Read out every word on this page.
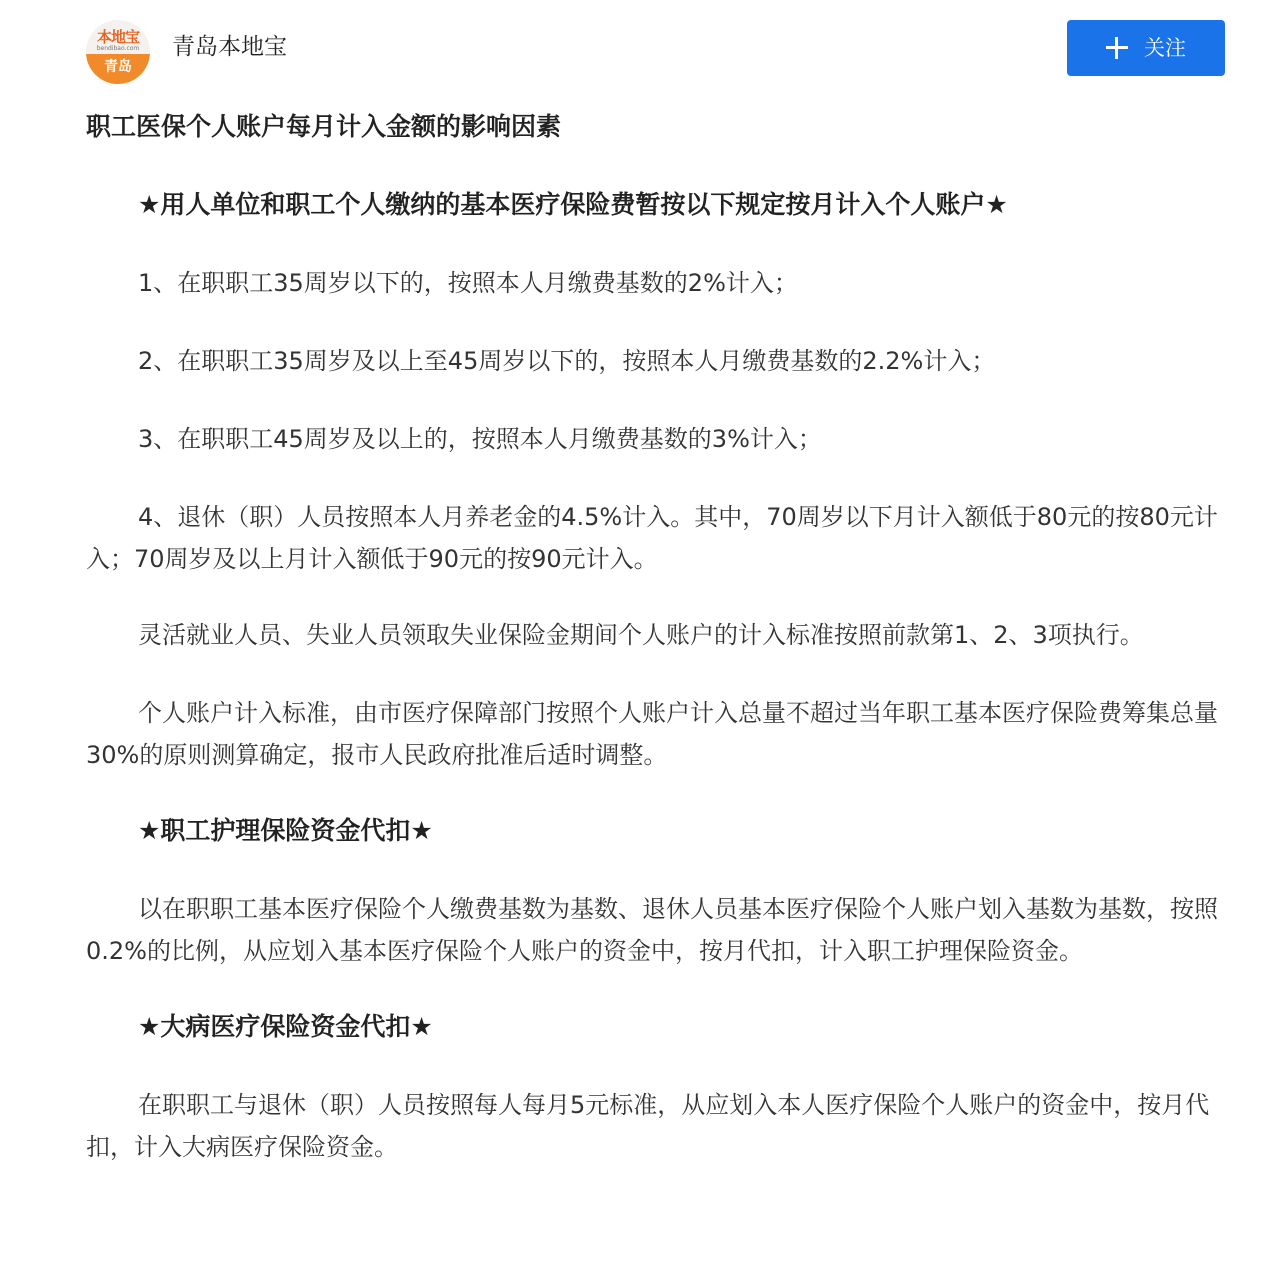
本地宝
bendibao.com
青岛
青岛本地宝	关注

职工医保个人账户每月计入金额的影响因素

★用人单位和职工个人缴纳的基本医疗保险费暂按以下规定按月计入个人账户★

1、在职职工35周岁以下的，按照本人月缴费基数的2%计入；

2、在职职工35周岁及以上至45周岁以下的，按照本人月缴费基数的2.2%计入；

3、在职职工45周岁及以上的，按照本人月缴费基数的3%计入；

4、退休（职）人员按照本人月养老金的4.5%计入。其中，70周岁以下月计入额低于80元的按80元计入；70周岁及以上月计入额低于90元的按90元计入。

灵活就业人员、失业人员领取失业保险金期间个人账户的计入标准按照前款第1、2、3项执行。

个人账户计入标准，由市医疗保障部门按照个人账户计入总量不超过当年职工基本医疗保险费筹集总量30%的原则测算确定，报市人民政府批准后适时调整。

★职工护理保险资金代扣★

以在职职工基本医疗保险个人缴费基数为基数、退休人员基本医疗保险个人账户划入基数为基数，按照0.2%的比例，从应划入基本医疗保险个人账户的资金中，按月代扣，计入职工护理保险资金。

★大病医疗保险资金代扣★

在职职工与退休（职）人员按照每人每月5元标准，从应划入本人医疗保险个人账户的资金中，按月代扣，计入大病医疗保险资金。
